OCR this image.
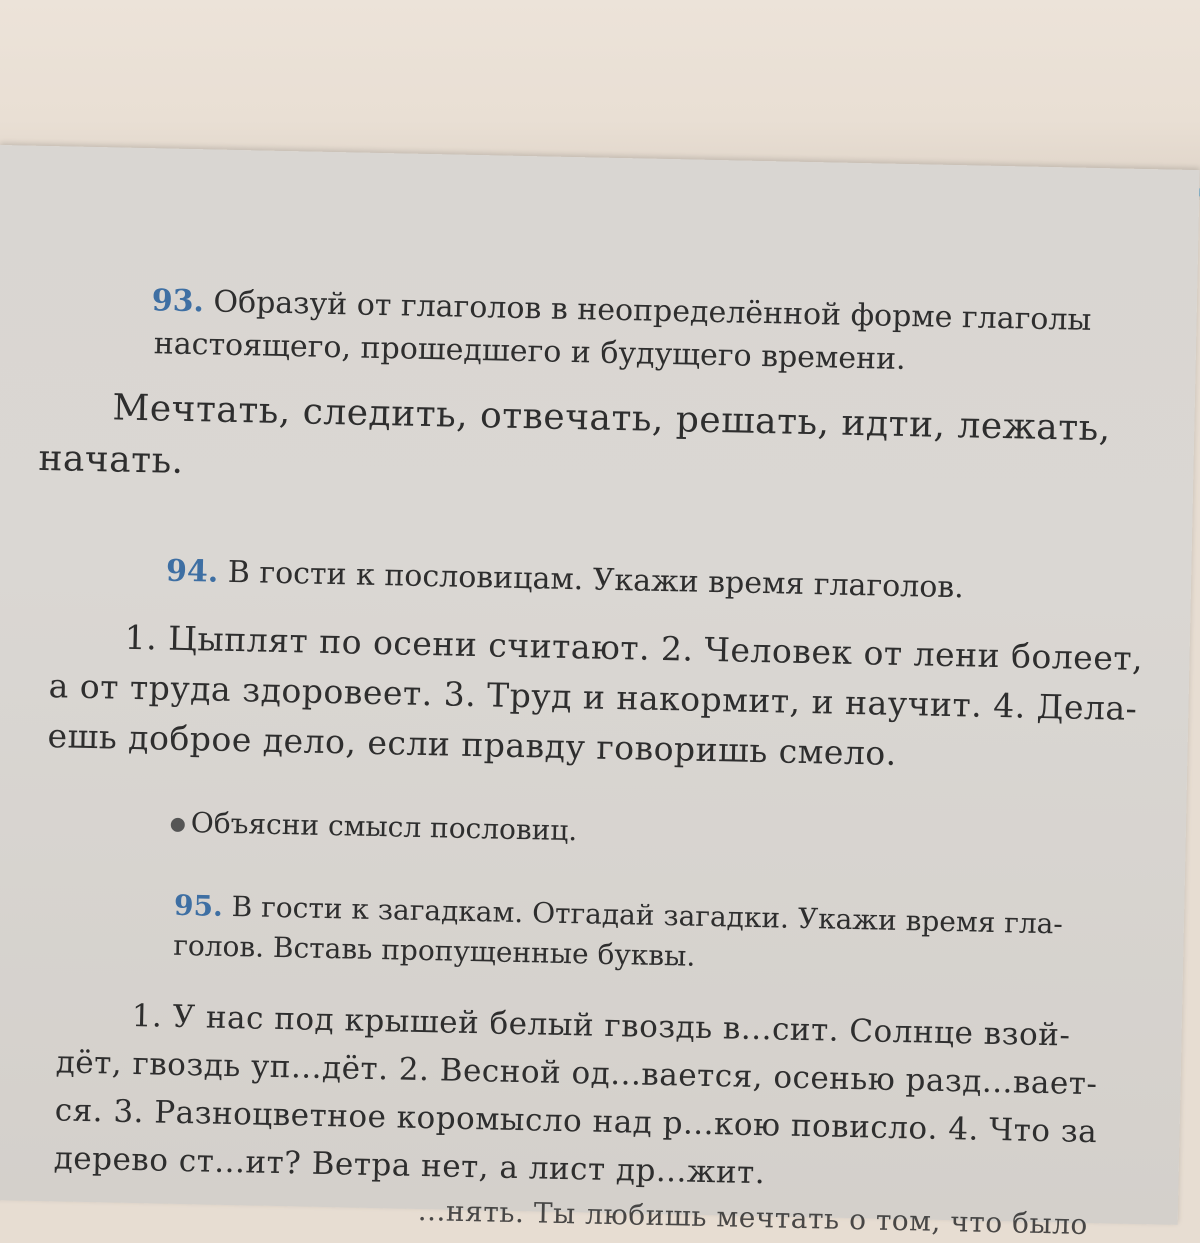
93. Образуй от глаголов в неопределённой форме глаголы
настоящего, прошедшего и будущего времени.
Мечтать, следить, отвечать, решать, идти, лежать,
начать.
94. В гости к пословицам. Укажи время глаголов.
1. Цыплят по осени считают. 2. Человек от лени болеет,
а от труда здоровеет. 3. Труд и накормит, и научит. 4. Дела-
ешь доброе дело, если правду говоришь смело.
Объясни смысл пословиц.
95. В гости к загадкам. Отгадай загадки. Укажи время гла-
голов. Вставь пропущенные буквы.
1. У нас под крышей белый гвоздь в...сит. Солнце взой-
дёт, гвоздь уп...дёт. 2. Весной од...вается, осенью разд...вает-
ся. 3. Разноцветное коромысло над р...кою повисло. 4. Что за
дерево ст...ит? Ветра нет, а лист др...жит.
...нять. Ты любишь мечтать о том, что было
